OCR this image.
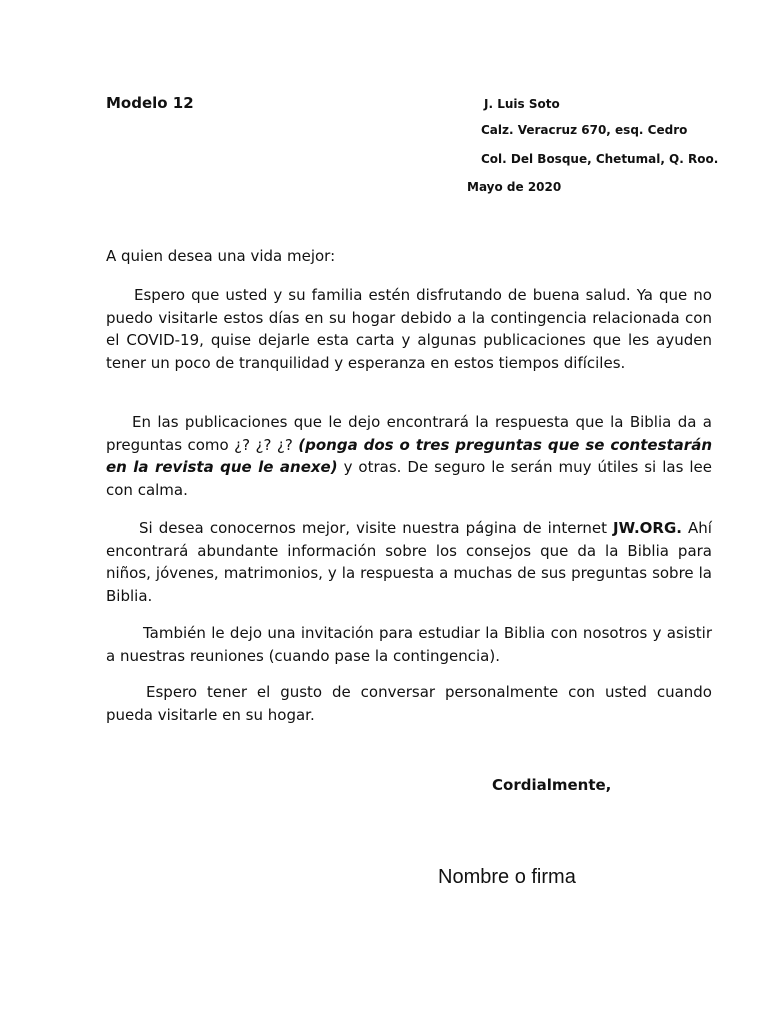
Modelo 12	J. Luis Soto
Calz. Veracruz 670, esq. Cedro
Col. Del Bosque, Chetumal, Q. Roo.
Mayo de 2020

A quien desea una vida mejor:

Espero que usted y su familia estén disfrutando de buena salud. Ya que no puedo visitarle estos días en su hogar debido a la contingencia relacionada con el COVID-19, quise dejarle esta carta y algunas publicaciones que les ayuden tener un poco de tranquilidad y esperanza en estos tiempos difíciles.

En las publicaciones que le dejo encontrará la respuesta que la Biblia da a preguntas como ¿? ¿? ¿? (ponga dos o tres preguntas que se contestarán en la revista que le anexe) y otras. De seguro le serán muy útiles si las lee con calma.

Si desea conocernos mejor, visite nuestra página de internet JW.ORG. Ahí encontrará abundante información sobre los consejos que da la Biblia para niños, jóvenes, matrimonios, y la respuesta a muchas de sus preguntas sobre la Biblia.

También le dejo una invitación para estudiar la Biblia con nosotros y asistir a nuestras reuniones (cuando pase la contingencia).

Espero tener el gusto de conversar personalmente con usted cuando pueda visitarle en su hogar.

Cordialmente,
Nombre o firma
